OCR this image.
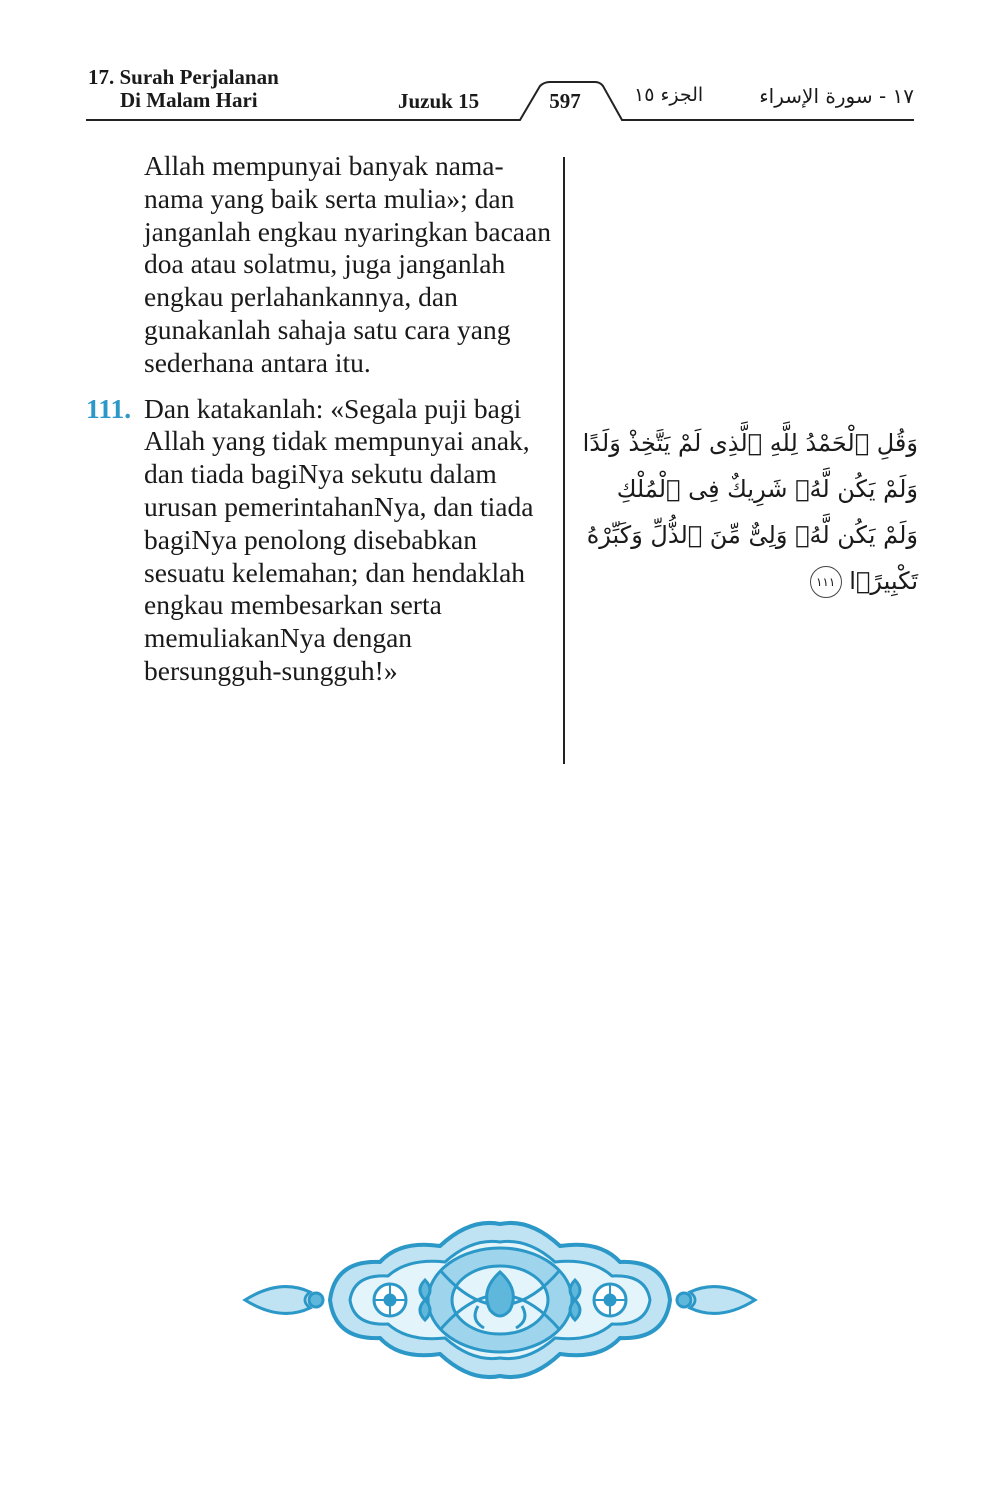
17. Surah Perjalanan
Di Malam Hari	Juzuk 15	597	الجزء ١٥	١٧ - سورة الإسراء

Allah mempunyai banyak nama-nama yang baik serta mulia»; dan janganlah engkau nyaringkan bacaan doa atau solatmu, juga janganlah engkau perlahankannya, dan gunakanlah sahaja satu cara yang sederhana antara itu.

111. Dan katakanlah: «Segala puji bagi Allah yang tidak mempunyai anak, dan tiada bagiNya sekutu dalam urusan pemerintahanNya, dan tiada bagiNya penolong disebabkan sesuatu kelemahan; dan hendaklah engkau membesarkan serta memuliakanNya dengan bersungguh-sungguh!»

وَقُلِ ٱلْحَمْدُ لِلَّهِ ٱلَّذِى لَمْ يَتَّخِذْ وَلَدًا وَلَمْ يَكُن لَّهُۥ شَرِيكٌ فِى ٱلْمُلْكِ وَلَمْ يَكُن لَّهُۥ وَلِىٌّ مِّنَ ٱلذُّلِّ وَكَبِّرْهُ تَكْبِيرًۢا ١١١
